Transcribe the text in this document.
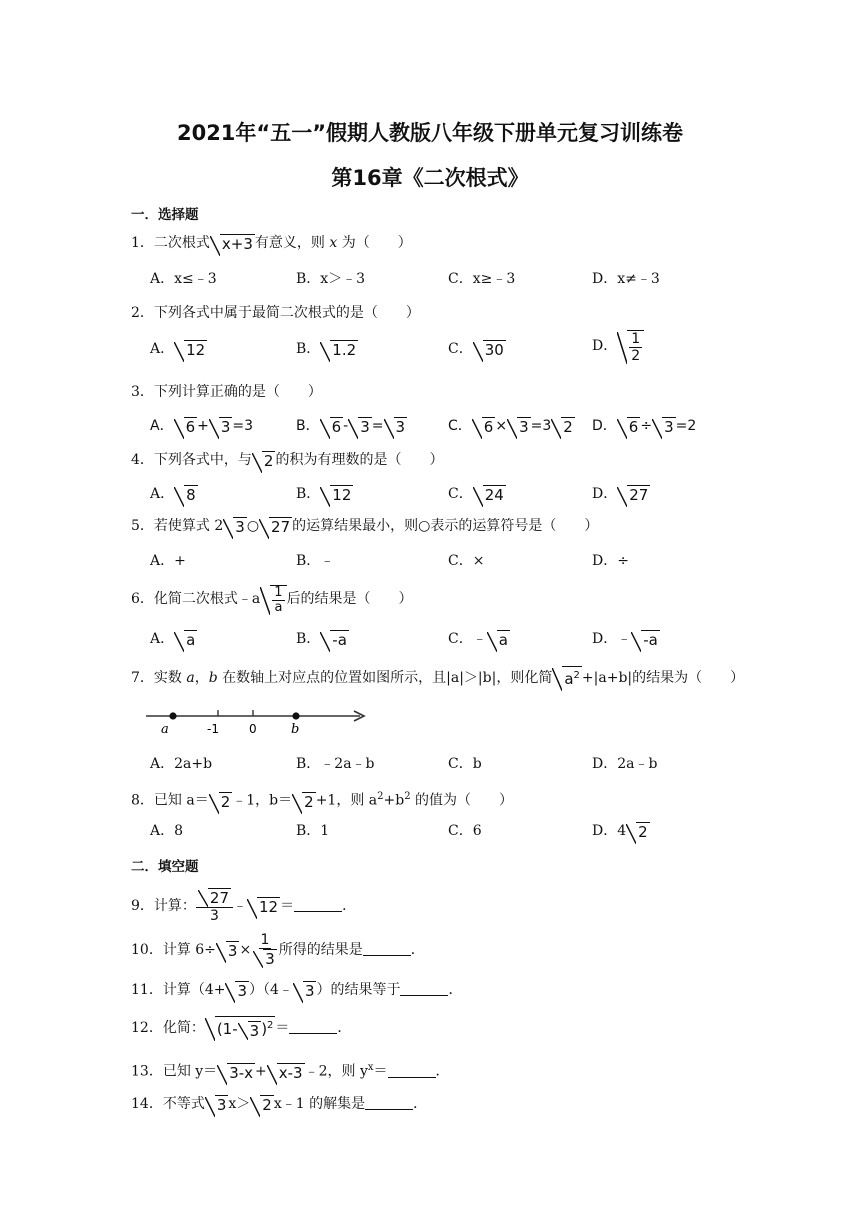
2021年“五一”假期人教版八年级下册单元复习训练卷
第16章《二次根式》
一．选择题
1．二次根式 x+3 有意义，则 x 为（　　）
A．x≤﹣3	B．x＞﹣3	C．x≥﹣3	D．x≠﹣3
2．下列各式中属于最简二次根式的是（　　）
A． 12	B． 1.2	C． 30	D． $\frac{1}{2}$
3．下列计算正确的是（　　）
A． 6 + 3 =3	B． 6 - 3 = 3	C． 6 × 3 =3 2 D． 6 ÷ 3 =2
4．下列各式中，与 2 的积为有理数的是（　　）
A． 8	B． 12	C． 24	D． 27
5．若使算式 2 3 ○ 27 的运算结果最小，则○表示的运算符号是（　　）
A．+	B．﹣	C．×	D．÷
6．化简二次根式﹣a $\frac{1}{a}$ 后的结果是（　　）
A． a	B． -a	C．﹣ a	D．﹣ -a
7．实数 a，b 在数轴上对应点的位置如图所示，且|a|＞|b|，则化简 $a^2 +|a+b|$的结果为（　　）
a	-1	0	b
A．2a+b	B．﹣2a﹣b	C．b	D．2a﹣b
8．已知 a＝ 2 ﹣1，b＝ 2 +1，则 $a^2+b^2$ 的值为（　　）
A．8	B．1	C．6	D．4 2
二．填空题
9．计算： $\frac{27}{3}$ ﹣ 12 ＝	．
10．计算 $6\div 3 \times \frac{1}{3}$ 所得的结果是	．
11．计算（4+ 3 ）（4﹣ 3 ）的结果等于	．
12．化简： (1- 3 )$^2$ ＝	．
13．已知 y＝ 3-x + x-3 ﹣2，则 $y^x=$	．
14．不等式 3 x＞ 2 x﹣1 的解集是	．
